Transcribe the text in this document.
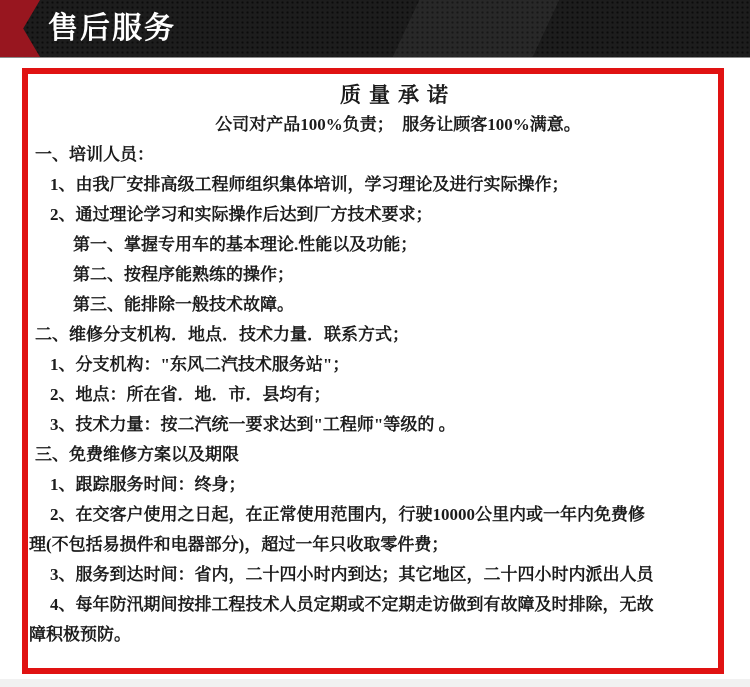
售后服务
质量承诺
公司对产品100%负责；　服务让顾客100%满意。
一、培训人员：
1、由我厂安排高级工程师组织集体培训，学习理论及进行实际操作；
2、通过理论学习和实际操作后达到厂方技术要求；
第一、掌握专用车的基本理论.性能以及功能；
第二、按程序能熟练的操作；
第三、能排除一般技术故障。
二、维修分支机构．地点．技术力量．联系方式；
1、分支机构："东风二汽技术服务站"；
2、地点：所在省．地．市．县均有；
3、技术力量：按二汽统一要求达到"工程师"等级的 。
三、免费维修方案以及期限
1、跟踪服务时间：终身；
2、在交客户使用之日起，在正常使用范围内，行驶10000公里内或一年内免费修
理(不包括易损件和电器部分)，超过一年只收取零件费；
3、服务到达时间：省内，二十四小时内到达；其它地区，二十四小时内派出人员
4、每年防汛期间按排工程技术人员定期或不定期走访做到有故障及时排除，无故
障积极预防。
